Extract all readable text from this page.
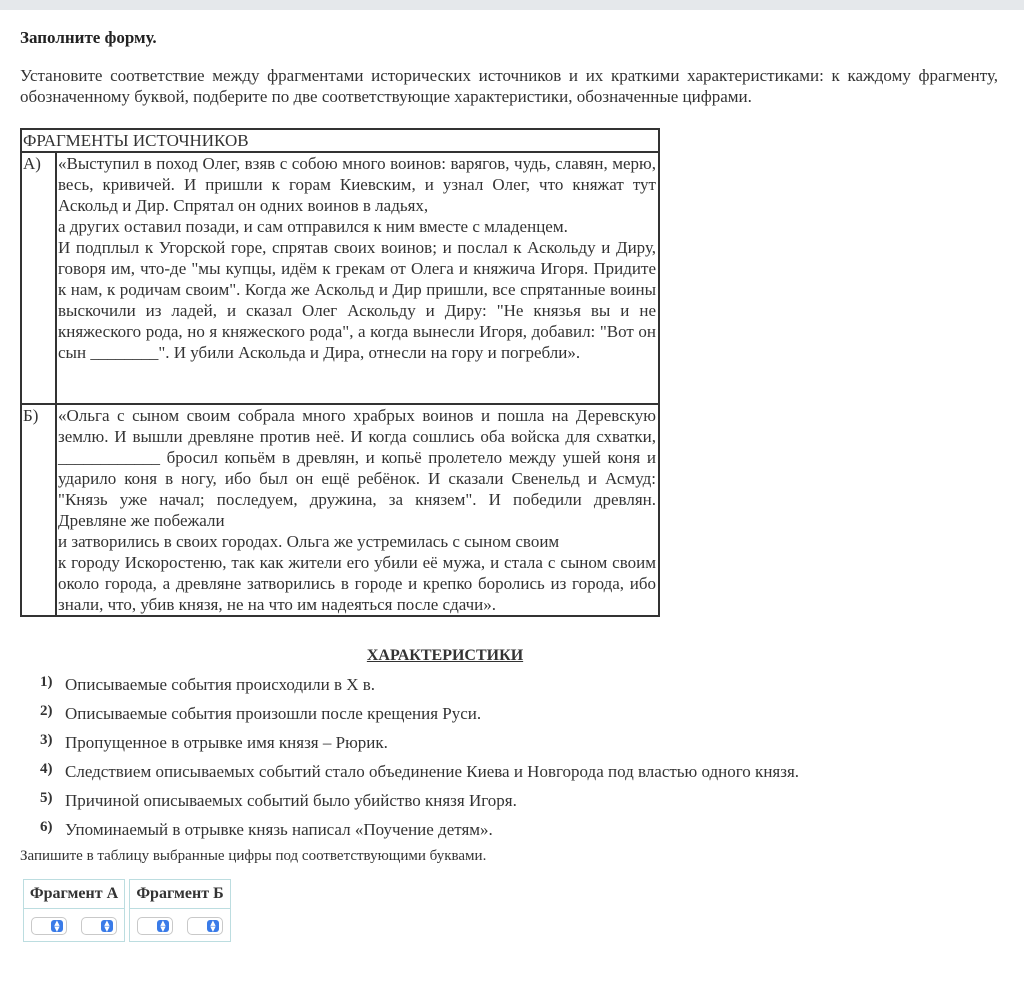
Заполните форму.
Установите соответствие между фрагментами исторических источников и их краткими характеристиками: к каждому фрагменту, обозначенному буквой, подберите по две соответствующие характеристики, обозначенные цифрами.
ФРАГМЕНТЫ ИСТОЧНИКОВ	
А)	«Выступил в поход Олег, взяв с собою много воинов: варягов, чудь, славян, мерю, весь, кривичей. И пришли к горам Киевским, и узнал Олег, что княжат тут Аскольд и Дир. Спрятал он одних воинов в ладьях,

а других оставил позади, и сам отправился к ним вместе с младенцем.

И подплыл к Угорской горе, спрятав своих воинов; и послал к Аскольду и Диру, говоря им, что-де "мы купцы, идём к грекам от Олега и княжича Игоря. Придите к нам, к родичам своим". Когда же Аскольд и Дир пришли, все спрятанные воины выскочили из ладей, и сказал Олег Аскольду и Диру: "Не князья вы и не княжеского рода, но я княжеского рода", а когда вынесли Игоря, добавил: "Вот он сын ________". И убили Аскольда и Дира, отнесли на гору и погребли».

Б)	«Ольга с сыном своим собрала много храбрых воинов и пошла на Деревскую землю. И вышли древляне против неё. И когда сошлись оба войска для схватки, ____________ бросил копьём в древлян, и копьё пролетело между ушей коня и ударило коня в ногу, ибо был он ещё ребёнок. И сказали Свенельд и Асмуд: "Князь уже начал; последуем, дружина, за князем". И победили древлян. Древляне же побежали

и затворились в своих городах. Ольга же устремилась с сыном своим

к городу Искоростеню, так как жители его убили её мужа, и стала с сыном своим около города, а древляне затворились в городе и крепко боролись из города, ибо знали, что, убив князя, не на что им надеяться после сдачи».

ХАРАКТЕРИСТИКИ
1) Описываемые события происходили в X в.
2) Описываемые события произошли после крещения Руси.
3) Пропущенное в отрывке имя князя – Рюрик.
4) Следствием описываемых событий стало объединение Киева и Новгорода под властью одного князя.
5) Причиной описываемых событий было убийство князя Игоря.
6) Упоминаемый в отрывке князь написал «Поучение детям».
Запишите в таблицу выбранные цифры под соответствующими буквами.
Фрагмент А
▲
▼
▲
▼
Фрагмент Б
▲
▼
▲
▼
